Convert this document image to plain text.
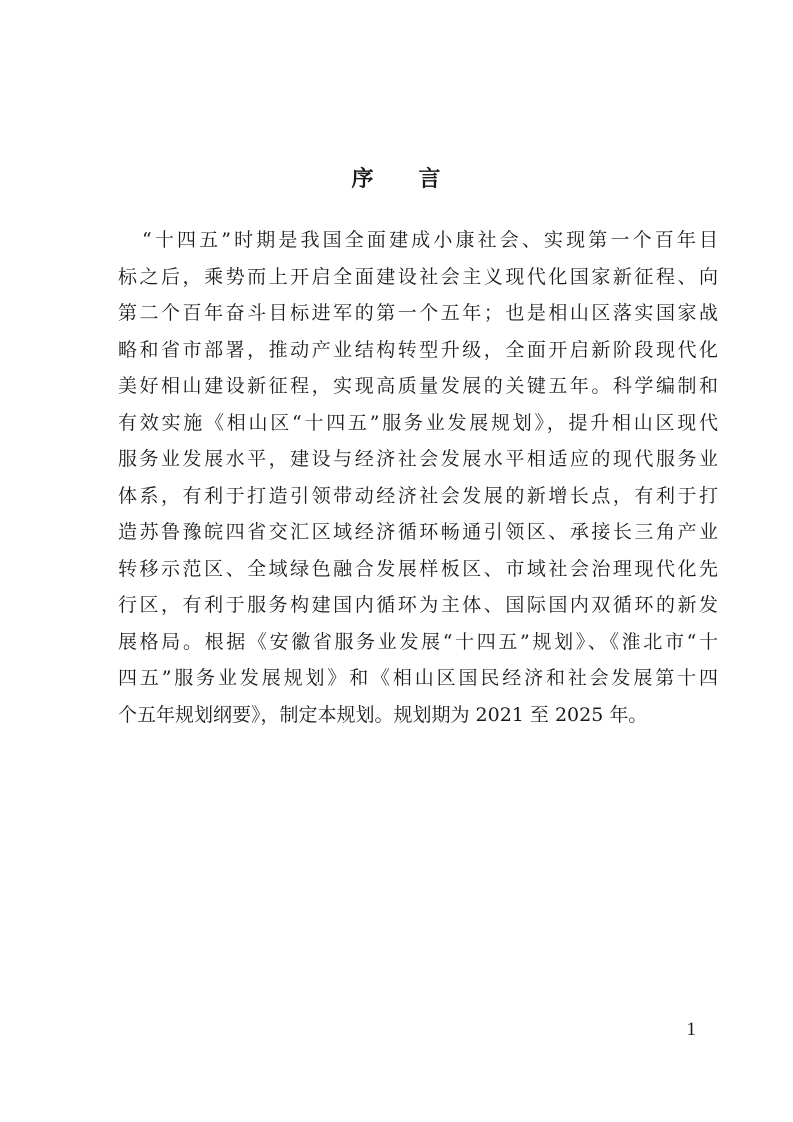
序 言
“十四五”时期是我国全面建成小康社会、实现第一个百年目
标之后，乘势而上开启全面建设社会主义现代化国家新征程、向
第二个百年奋斗目标进军的第一个五年；也是相山区落实国家战
略和省市部署，推动产业结构转型升级，全面开启新阶段现代化
美好相山建设新征程，实现高质量发展的关键五年。科学编制和
有效实施《相山区“十四五”服务业发展规划》，提升相山区现代
服务业发展水平，建设与经济社会发展水平相适应的现代服务业
体系，有利于打造引领带动经济社会发展的新增长点，有利于打
造苏鲁豫皖四省交汇区域经济循环畅通引领区、承接长三角产业
转移示范区、全域绿色融合发展样板区、市域社会治理现代化先
行区，有利于服务构建国内循环为主体、国际国内双循环的新发
展格局。根据《安徽省服务业发展“十四五”规划》、《淮北市“十
四五”服务业发展规划》和《相山区国民经济和社会发展第十四
个五年规划纲要》，制定本规划。规划期为 2021 至 2025 年。
1
